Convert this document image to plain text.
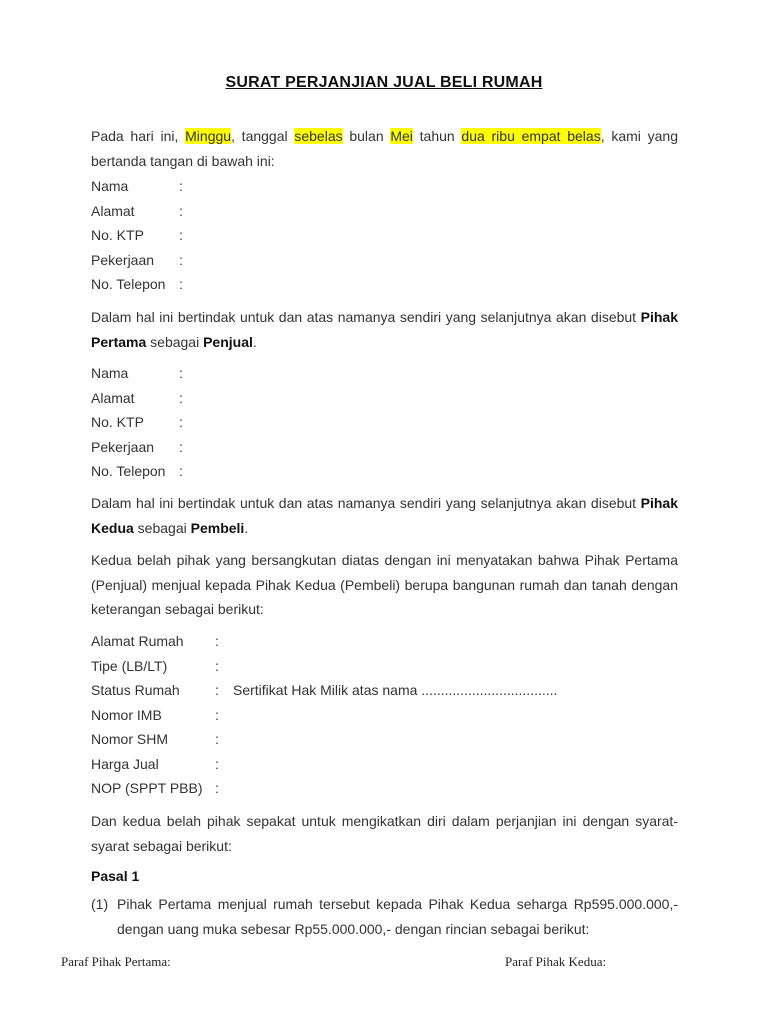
SURAT PERJANJIAN JUAL BELI RUMAH
Pada hari ini, Minggu, tanggal sebelas bulan Mei tahun dua ribu empat belas, kami yang bertanda tangan di bawah ini:
Nama	:
Alamat	:
No. KTP	:
Pekerjaan	:
No. Telepon :
Dalam hal ini bertindak untuk dan atas namanya sendiri yang selanjutnya akan disebut Pihak Pertama sebagai Penjual.
Nama	:
Alamat	:
No. KTP	:
Pekerjaan	:
No. Telepon :
Dalam hal ini bertindak untuk dan atas namanya sendiri yang selanjutnya akan disebut Pihak Kedua sebagai Pembeli.
Kedua belah pihak yang bersangkutan diatas dengan ini menyatakan bahwa Pihak Pertama (Penjual) menjual kepada Pihak Kedua (Pembeli) berupa bangunan rumah dan tanah dengan keterangan sebagai berikut:
Alamat Rumah	:
Tipe (LB/LT)	:
Status Rumah	:	Sertifikat Hak Milik atas nama ...................................
Nomor IMB	:
Nomor SHM	:
Harga Jual	:
NOP (SPPT PBB) :
Dan kedua belah pihak sepakat untuk mengikatkan diri dalam perjanjian ini dengan syarat-syarat sebagai berikut:
Pasal 1
(1) Pihak Pertama menjual rumah tersebut kepada Pihak Kedua seharga Rp595.000.000,- dengan uang muka sebesar Rp55.000.000,- dengan rincian sebagai berikut:
Paraf Pihak Pertama:	Paraf Pihak Kedua:
